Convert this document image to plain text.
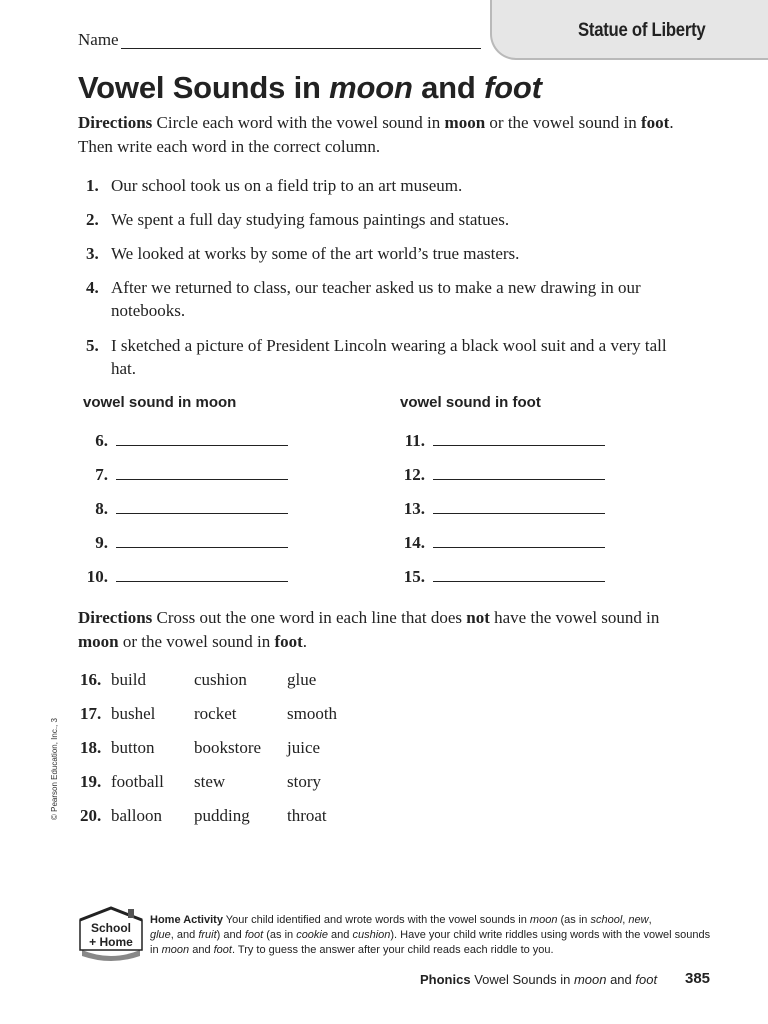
Statue of Liberty
Name
Vowel Sounds in moon and foot
Directions Circle each word with the vowel sound in moon or the vowel sound in foot.
Then write each word in the correct column.
1. Our school took us on a field trip to an art museum.
2. We spent a full day studying famous paintings and statues.
3. We looked at works by some of the art world’s true masters.
4. After we returned to class, our teacher asked us to make a new drawing in our notebooks.
5. I sketched a picture of President Lincoln wearing a black wool suit and a very tall hat.
vowel sound in moon	vowel sound in foot
6.
7.
8.
9.
10.
11.
12.
13.
14.
15.
Directions Cross out the one word in each line that does not have the vowel sound in
moon or the vowel sound in foot.
16. build	cushion glue
17. bushel rocket	smooth
18. button bookstore juice
19. football stew	story
20. balloon pudding throat
© Pearson Education, Inc., 3
School
+ Home
Home Activity Your child identified and wrote words with the vowel sounds in moon (as in school, new,
glue, and fruit) and foot (as in cookie and cushion). Have your child write riddles using words with the vowel sounds in moon and foot. Try to guess the answer after your child reads each riddle to you.
Phonics Vowel Sounds in moon and foot 385
